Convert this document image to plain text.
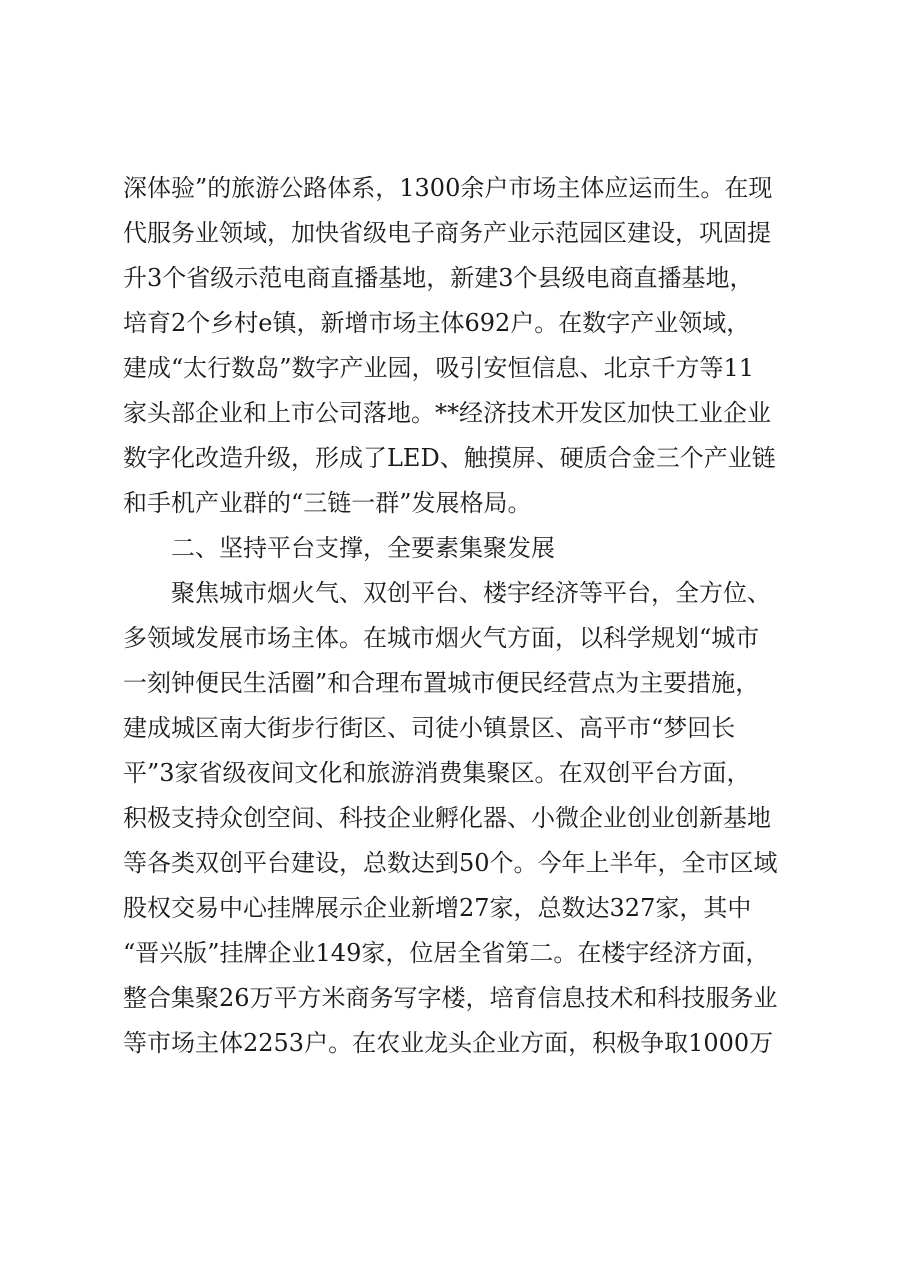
深体验”的旅游公路体系，1300余户市场主体应运而生。在现
代服务业领域，加快省级电子商务产业示范园区建设，巩固提
升3个省级示范电商直播基地，新建3个县级电商直播基地，
培育2个乡村e镇，新增市场主体692户。在数字产业领域，
建成“太行数岛”数字产业园，吸引安恒信息、北京千方等11
家头部企业和上市公司落地。**经济技术开发区加快工业企业
数字化改造升级，形成了LED、触摸屏、硬质合金三个产业链
和手机产业群的“三链一群”发展格局。
二、坚持平台支撑，全要素集聚发展
聚焦城市烟火气、双创平台、楼宇经济等平台，全方位、
多领域发展市场主体。在城市烟火气方面，以科学规划“城市
一刻钟便民生活圈”和合理布置城市便民经营点为主要措施，
建成城区南大街步行街区、司徒小镇景区、高平市“梦回长
平”3家省级夜间文化和旅游消费集聚区。在双创平台方面，
积极支持众创空间、科技企业孵化器、小微企业创业创新基地
等各类双创平台建设，总数达到50个。今年上半年，全市区域
股权交易中心挂牌展示企业新增27家，总数达327家，其中
“晋兴版”挂牌企业149家，位居全省第二。在楼宇经济方面，
整合集聚26万平方米商务写字楼，培育信息技术和科技服务业
等市场主体2253户。在农业龙头企业方面，积极争取1000万
